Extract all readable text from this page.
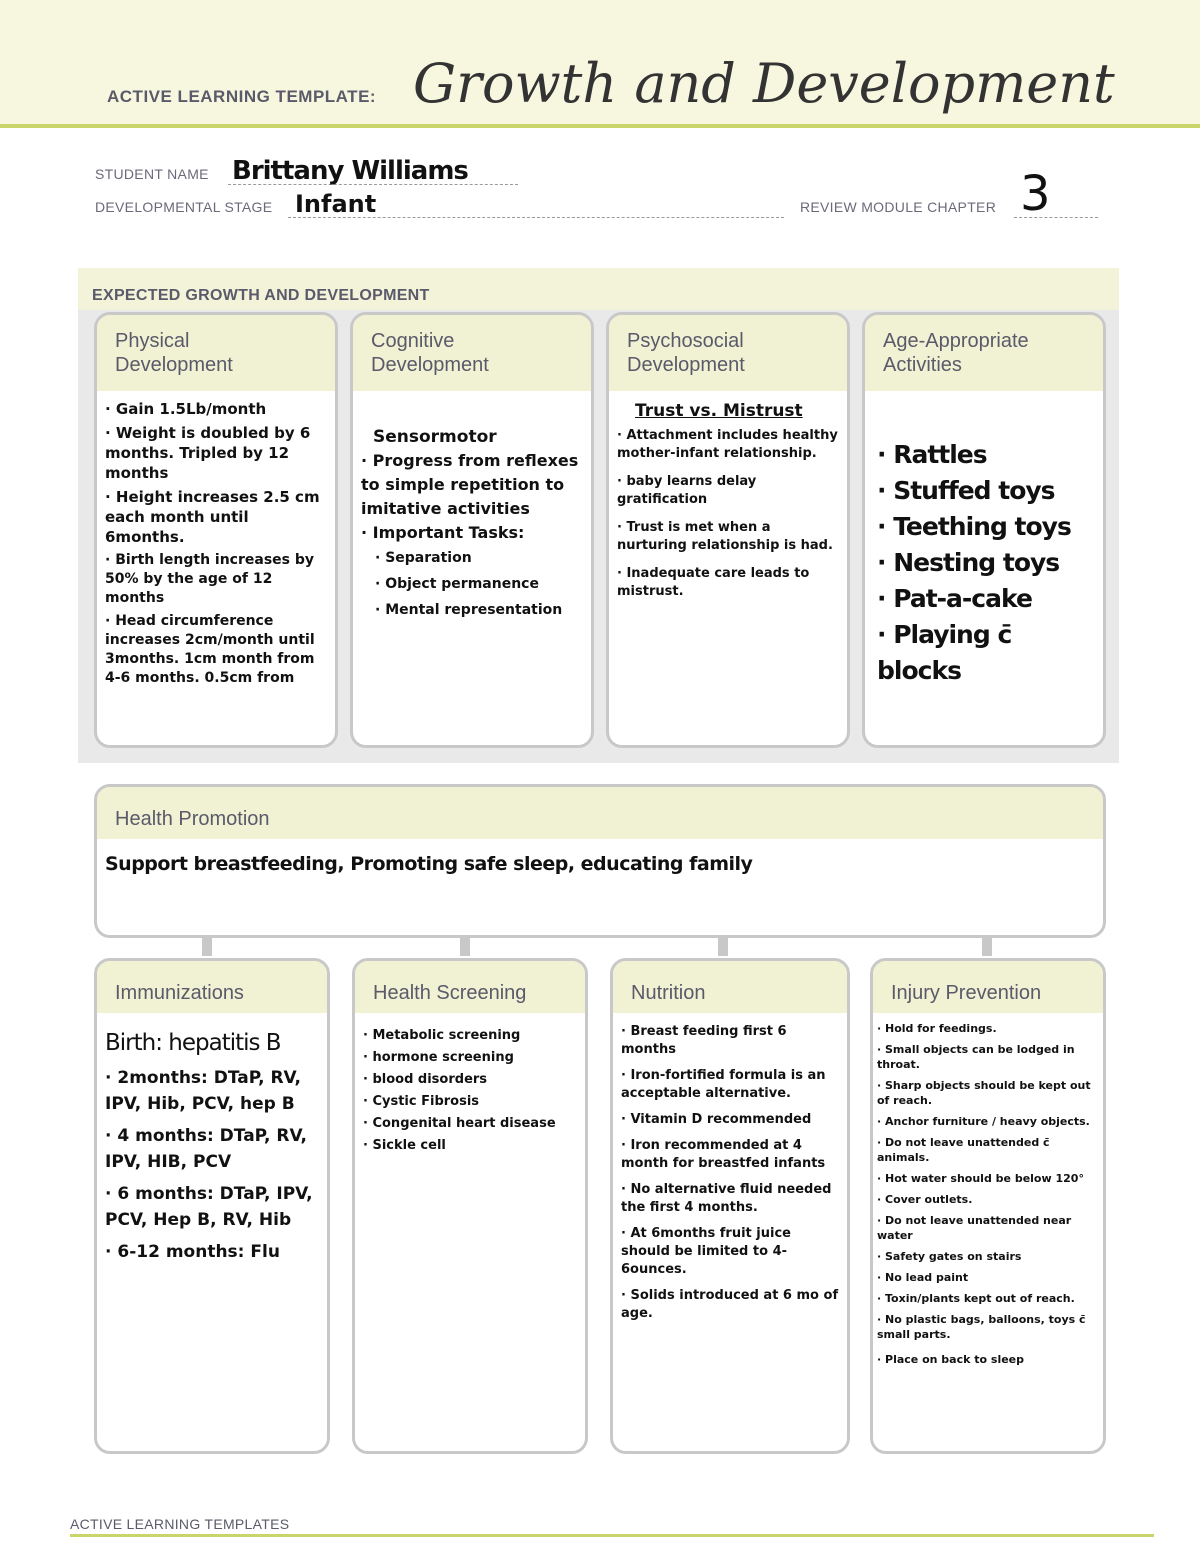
ACTIVE LEARNING TEMPLATE: Growth and Development
STUDENT NAME Brittany Williams
DEVELOPMENTAL STAGE Infant	REVIEW MODULE CHAPTER 3
EXPECTED GROWTH AND DEVELOPMENT
Physical
Development

· Gain 1.5Lb/month

· Weight is doubled by 6 months. Tripled by 12 months

· Height increases 2.5 cm each month until 6months.

· Birth length increases by 50% by the age of 12 months

· Head circumference increases 2cm/month until 3months. 1cm month from 4-6 months. 0.5cm from

Cognitive
Development

Sensormotor

· Progress from reflexes to simple repetition to imitative activities

· Important Tasks:

· Separation

· Object permanence

· Mental representation

Psychosocial
Development

Trust vs. Mistrust

· Attachment includes healthy mother-infant relationship.

· baby learns delay gratification

· Trust is met when a nurturing relationship is had.

· Inadequate care leads to mistrust.

Age-Appropriate
Activities

· Rattles

· Stuffed toys

· Teething toys

· Nesting toys

· Pat-a-cake

· Playing c̄ blocks

Health Promotion

Support breastfeeding, Promoting safe sleep, educating family

Immunizations

Birth: hepatitis B

· 2months: DTaP, RV, IPV, Hib, PCV, hep B

· 4 months: DTaP, RV, IPV, HIB, PCV

· 6 months: DTaP, IPV, PCV, Hep B, RV, Hib

· 6-12 months: Flu

Health Screening

· Metabolic screening

· hormone screening

· blood disorders

· Cystic Fibrosis

· Congenital heart disease

· Sickle cell

Nutrition

· Breast feeding first 6 months

· Iron-fortified formula is an acceptable alternative.

· Vitamin D recommended

· Iron recommended at 4 month for breastfed infants

· No alternative fluid needed the first 4 months.

· At 6months fruit juice should be limited to 4-6ounces.

· Solids introduced at 6 mo of age.

Injury Prevention

· Hold for feedings.

· Small objects can be lodged in throat.

· Sharp objects should be kept out of reach.

· Anchor furniture / heavy objects.

· Do not leave unattended c̄ animals.

· Hot water should be below 120°

· Cover outlets.

· Do not leave unattended near water

· Safety gates on stairs

· No lead paint

· Toxin/plants kept out of reach.

· No plastic bags, balloons, toys c̄ small parts.

· Place on back to sleep

ACTIVE LEARNING TEMPLATES
